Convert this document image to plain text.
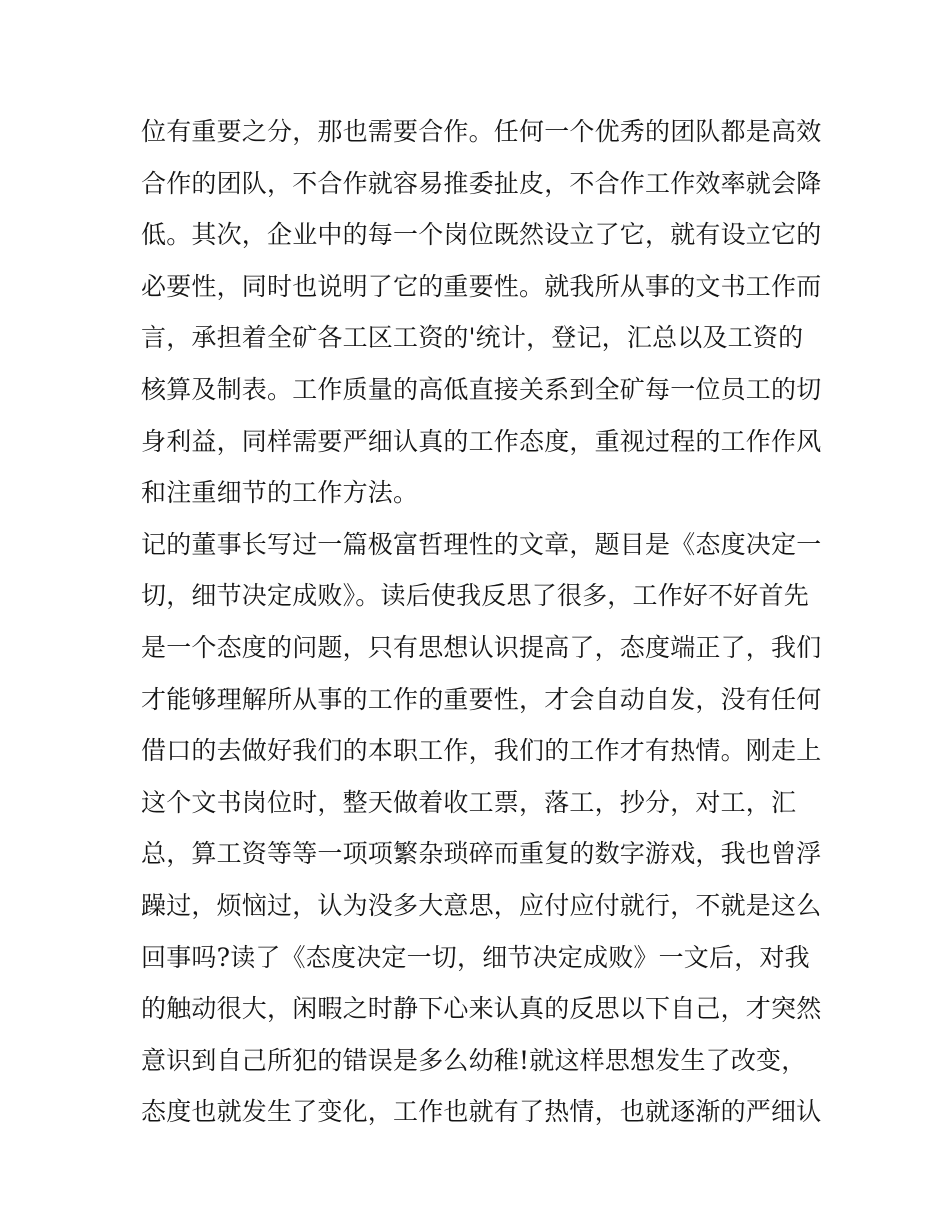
位有重要之分，那也需要合作。任何一个优秀的团队都是高效
合作的团队，不合作就容易推委扯皮，不合作工作效率就会降
低。其次，企业中的每一个岗位既然设立了它，就有设立它的
必要性，同时也说明了它的重要性。就我所从事的文书工作而
言，承担着全矿各工区工资的'统计，登记，汇总以及工资的
核算及制表。工作质量的高低直接关系到全矿每一位员工的切
身利益，同样需要严细认真的工作态度，重视过程的工作作风
和注重细节的工作方法。
记的董事长写过一篇极富哲理性的文章，题目是《态度决定一
切，细节决定成败》。读后使我反思了很多，工作好不好首先
是一个态度的问题，只有思想认识提高了，态度端正了，我们
才能够理解所从事的工作的重要性，才会自动自发，没有任何
借口的去做好我们的本职工作，我们的工作才有热情。刚走上
这个文书岗位时，整天做着收工票，落工，抄分，对工，汇
总，算工资等等一项项繁杂琐碎而重复的数字游戏，我也曾浮
躁过，烦恼过，认为没多大意思，应付应付就行，不就是这么
回事吗?读了《态度决定一切，细节决定成败》一文后，对我
的触动很大，闲暇之时静下心来认真的反思以下自己，才突然
意识到自己所犯的错误是多么幼稚!就这样思想发生了改变，
态度也就发生了变化，工作也就有了热情，也就逐渐的严细认
